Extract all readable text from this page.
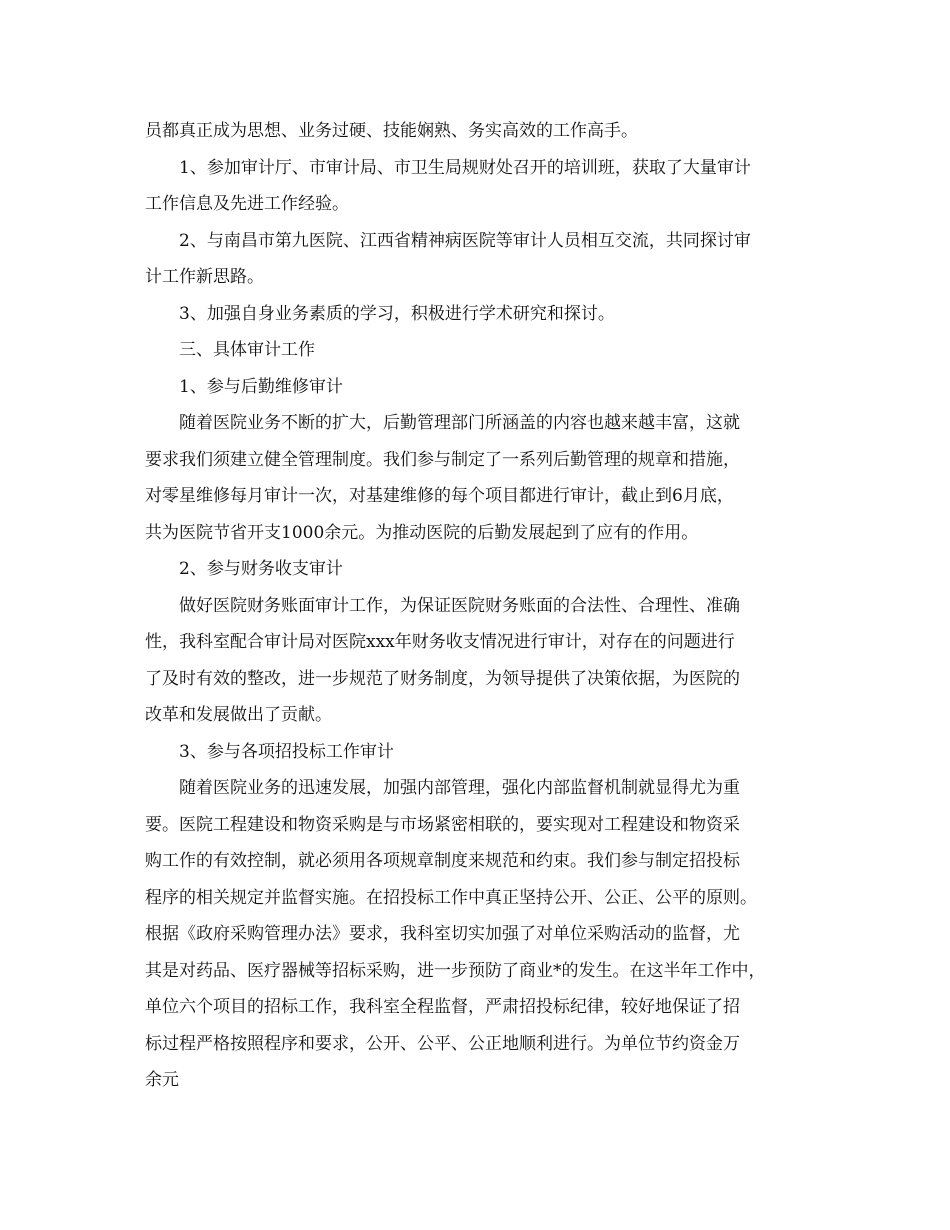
员都真正成为思想、业务过硬、技能娴熟、务实高效的工作高手。

1、参加审计厅、市审计局、市卫生局规财处召开的培训班，获取了大量审计
工作信息及先进工作经验。

2、与南昌市第九医院、江西省精神病医院等审计人员相互交流，共同探讨审
计工作新思路。

3、加强自身业务素质的学习，积极进行学术研究和探讨。

三、具体审计工作

1、参与后勤维修审计

随着医院业务不断的扩大，后勤管理部门所涵盖的内容也越来越丰富，这就
要求我们须建立健全管理制度。我们参与制定了一系列后勤管理的规章和措施，
对零星维修每月审计一次，对基建维修的每个项目都进行审计，截止到6月底，
共为医院节省开支1000余元。为推动医院的后勤发展起到了应有的作用。

2、参与财务收支审计

做好医院财务账面审计工作，为保证医院财务账面的合法性、合理性、准确
性，我科室配合审计局对医院xxx年财务收支情况进行审计，对存在的问题进行
了及时有效的整改，进一步规范了财务制度，为领导提供了决策依据，为医院的
改革和发展做出了贡献。

3、参与各项招投标工作审计

随着医院业务的迅速发展，加强内部管理，强化内部监督机制就显得尤为重
要。医院工程建设和物资采购是与市场紧密相联的，要实现对工程建设和物资采
购工作的有效控制，就必须用各项规章制度来规范和约束。我们参与制定招投标
程序的相关规定并监督实施。在招投标工作中真正坚持公开、公正、公平的原则。
根据《政府采购管理办法》要求，我科室切实加强了对单位采购活动的监督，尤
其是对药品、医疗器械等招标采购，进一步预防了商业*的发生。在这半年工作中，
单位六个项目的招标工作，我科室全程监督，严肃招投标纪律，较好地保证了招
标过程严格按照程序和要求，公开、公平、公正地顺利进行。为单位节约资金万
余元
